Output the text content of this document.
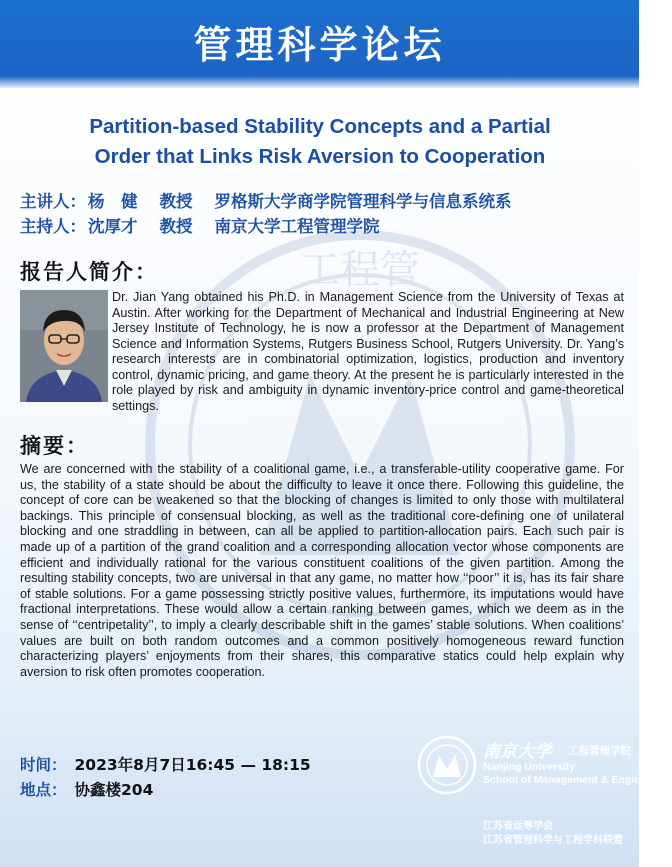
管理科学论坛
工程管
Partition-based Stability Concepts and a Partial
Order that Links Risk Aversion to Cooperation
主讲人： 杨　健 教授 罗格斯大学商学院管理科学与信息系统系
主持人： 沈厚才 教授 南京大学工程管理学院
报告人简介：
Dr. Jian Yang obtained his Ph.D. in Management Science from the University of Texas at Austin. After working for the Department of Mechanical and Industrial Engineering at New Jersey Institute of Technology, he is now a professor at the Department of Management Science and Information Systems, Rutgers Business School, Rutgers University. Dr. Yang’s research interests are in combinatorial optimization, logistics, production and inventory control, dynamic pricing, and game theory. At the present he is particularly interested in the role played by risk and ambiguity in dynamic inventory-price control and game-theoretical settings.
摘要：
We are concerned with the stability of a coalitional game, i.e., a transferable-utility cooperative game. For us, the stability of a state should be about the difficulty to leave it once there. Following this guideline, the concept of core can be weakened so that the blocking of changes is limited to only those with multilateral backings. This principle of consensual blocking, as well as the traditional core-defining one of unilateral blocking and one straddling in between, can all be applied to partition-allocation pairs. Each such pair is made up of a partition of the grand coalition and a corresponding allocation vector whose components are efficient and individually rational for the various constituent coalitions of the given partition. Among the resulting stability concepts, two are universal in that any game, no matter how ‘‘poor’’ it is, has its fair share of stable solutions. For a game possessing strictly positive values, furthermore, its imputations would have fractional interpretations. These would allow a certain ranking between games, which we deem as in the sense of ‘‘centripetality’’, to imply a clearly describable shift in the games’ stable solutions. When coalitions’ values are built on both random outcomes and a common positively homogeneous reward function characterizing players’ enjoyments from their shares, this comparative statics could help explain why aversion to risk often promotes cooperation.
时间： 2023年8月7日16:45 — 18:15
地点： 协鑫楼204
南京大学 工程管理学院
Nanjing University
School of Management & Engineering
江苏省运筹学会
江苏省管理科学与工程学科联盟
